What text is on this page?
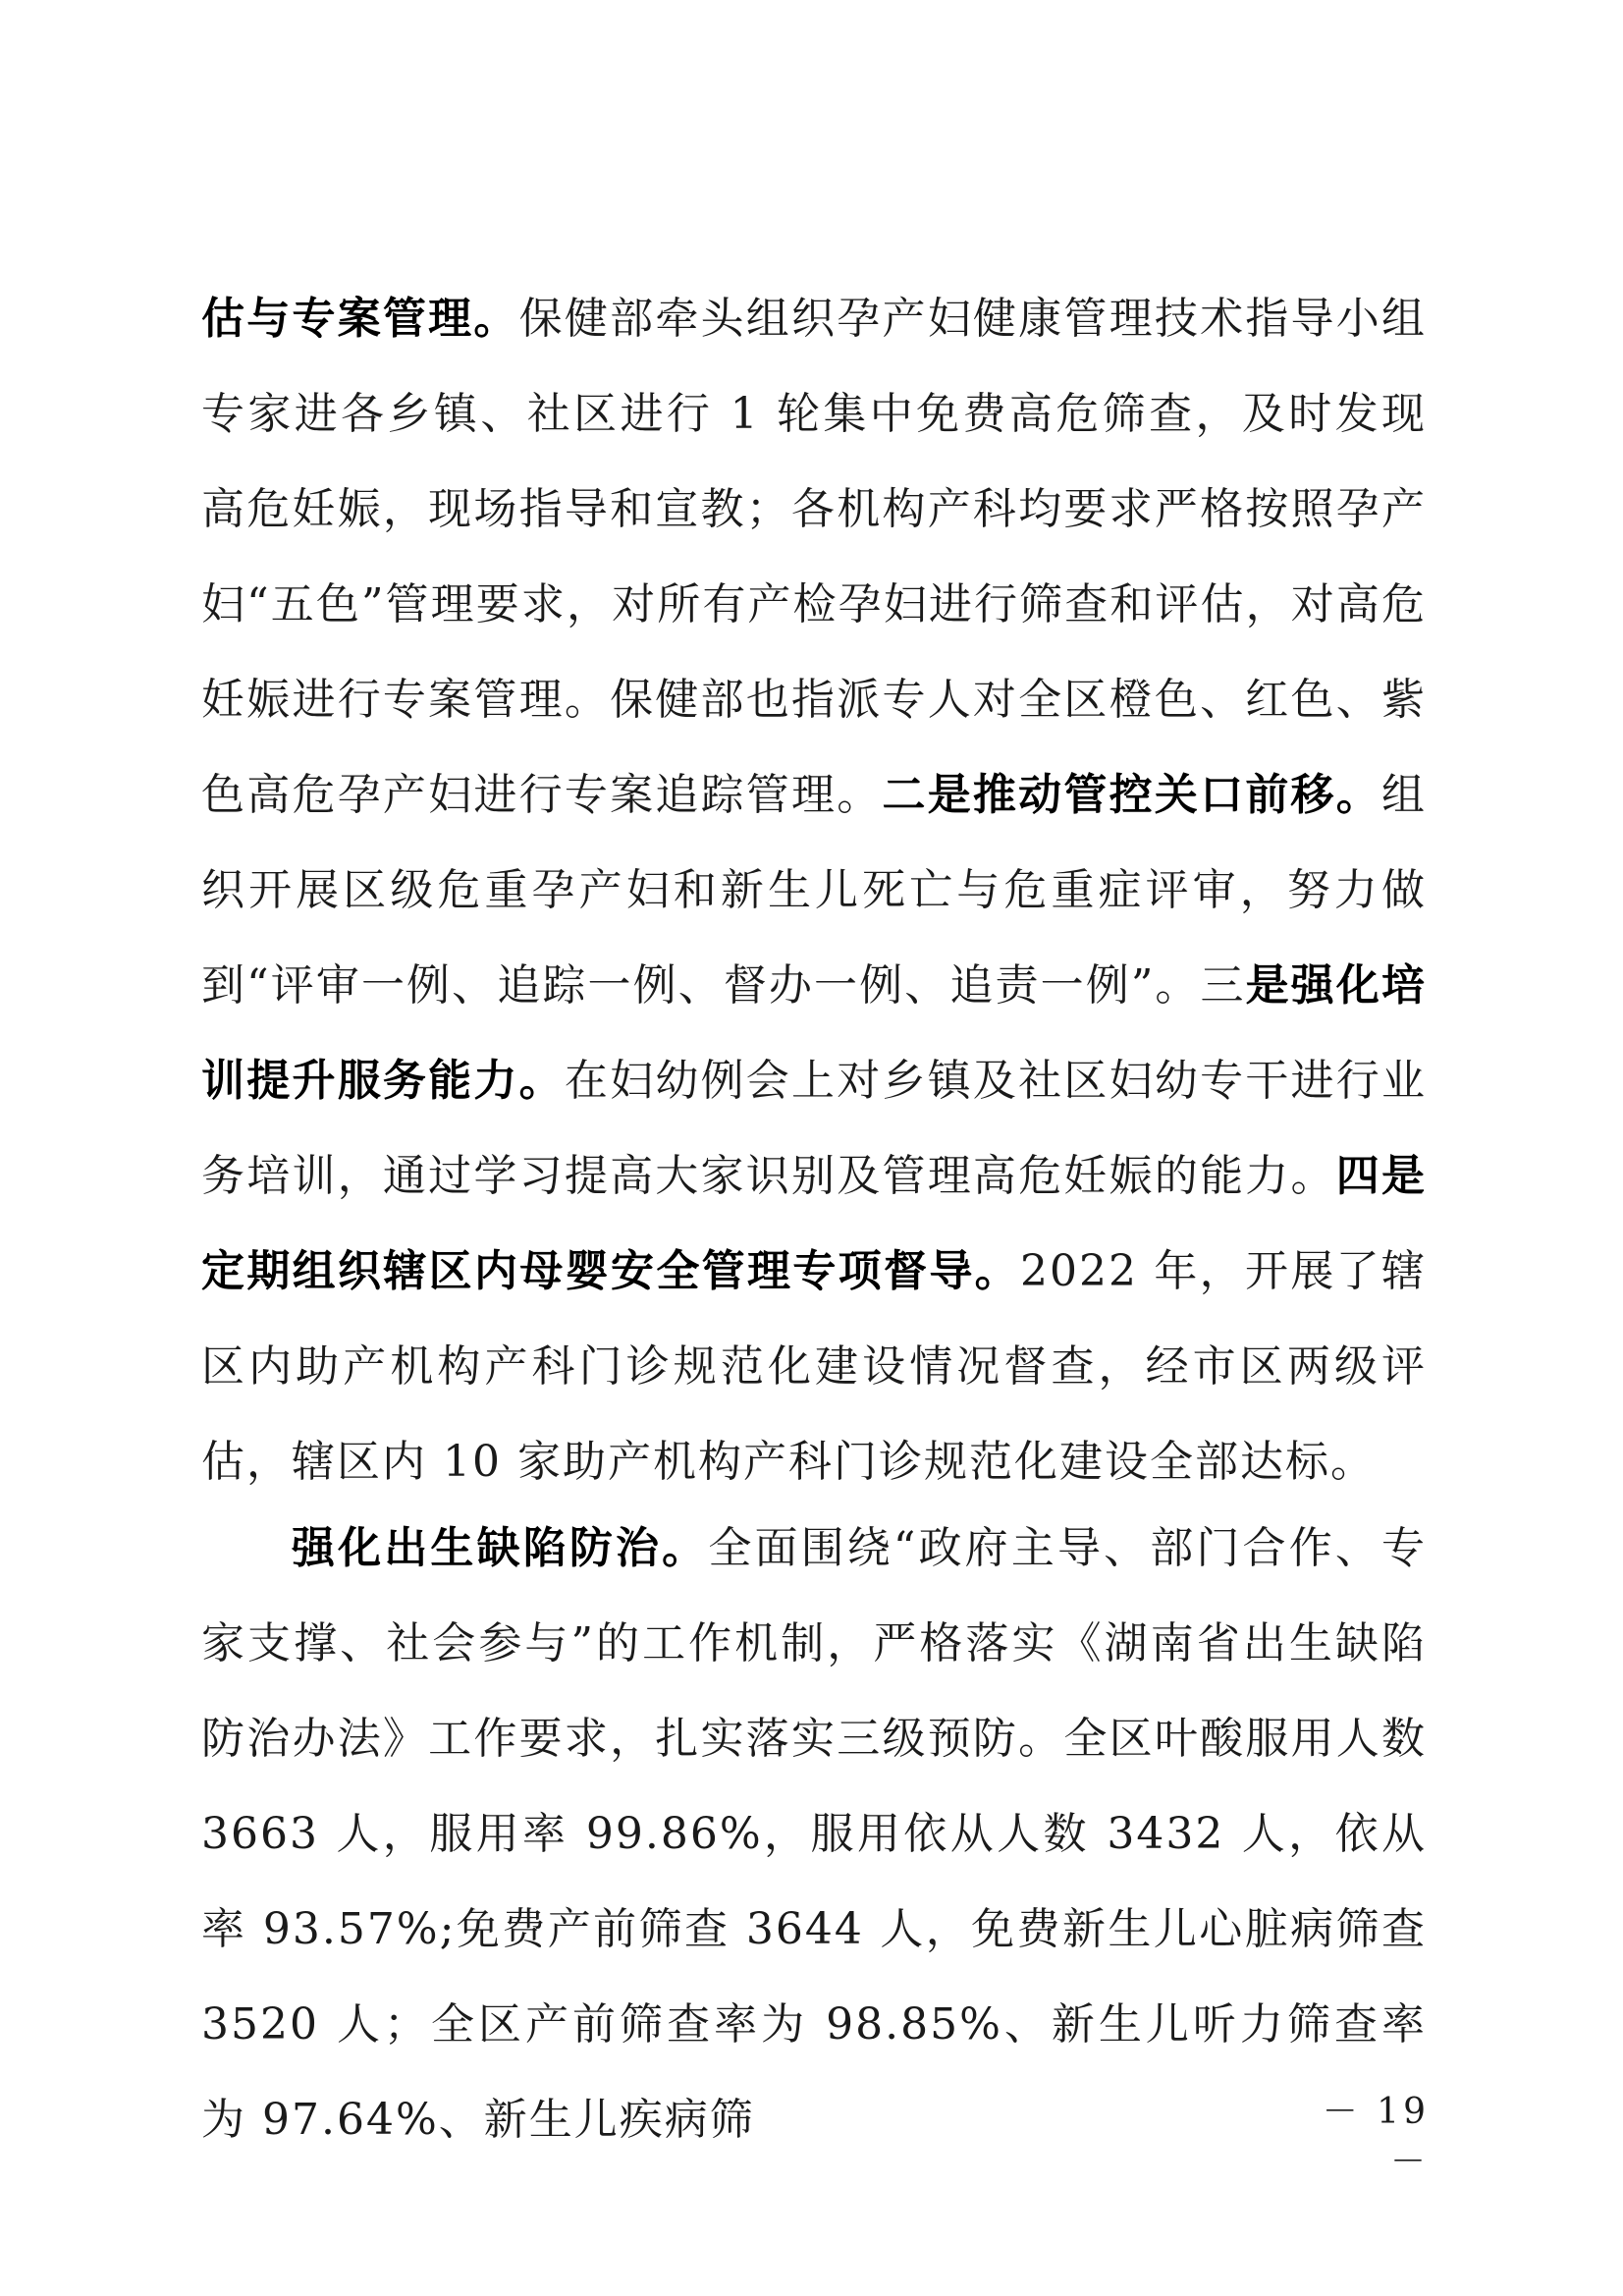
估与专案管理。保健部牵头组织孕产妇健康管理技术指导小组专家进各乡镇、社区进行 1 轮集中免费高危筛查，及时发现高危妊娠，现场指导和宣教；各机构产科均要求严格按照孕产妇“五色”管理要求，对所有产检孕妇进行筛查和评估，对高危妊娠进行专案管理。保健部也指派专人对全区橙色、红色、紫色高危孕产妇进行专案追踪管理。二是推动管控关口前移。组织开展区级危重孕产妇和新生儿死亡与危重症评审，努力做到“评审一例、追踪一例、督办一例、追责一例”。三是强化培训提升服务能力。在妇幼例会上对乡镇及社区妇幼专干进行业务培训，通过学习提高大家识别及管理高危妊娠的能力。四是定期组织辖区内母婴安全管理专项督导。2022 年，开展了辖区内助产机构产科门诊规范化建设情况督查，经市区两级评估，辖区内 10 家助产机构产科门诊规范化建设全部达标。

强化出生缺陷防治。全面围绕“政府主导、部门合作、专家支撑、社会参与”的工作机制，严格落实《湖南省出生缺陷防治办法》工作要求，扎实落实三级预防。全区叶酸服用人数 3663 人，服用率 99.86%，服用依从人数 3432 人，依从率 93.57%;免费产前筛查 3644 人，免费新生儿心脏病筛查 3520 人；全区产前筛查率为 98.85%、新生儿听力筛查率为 97.64%、新生儿疾病筛	－ 19 －
